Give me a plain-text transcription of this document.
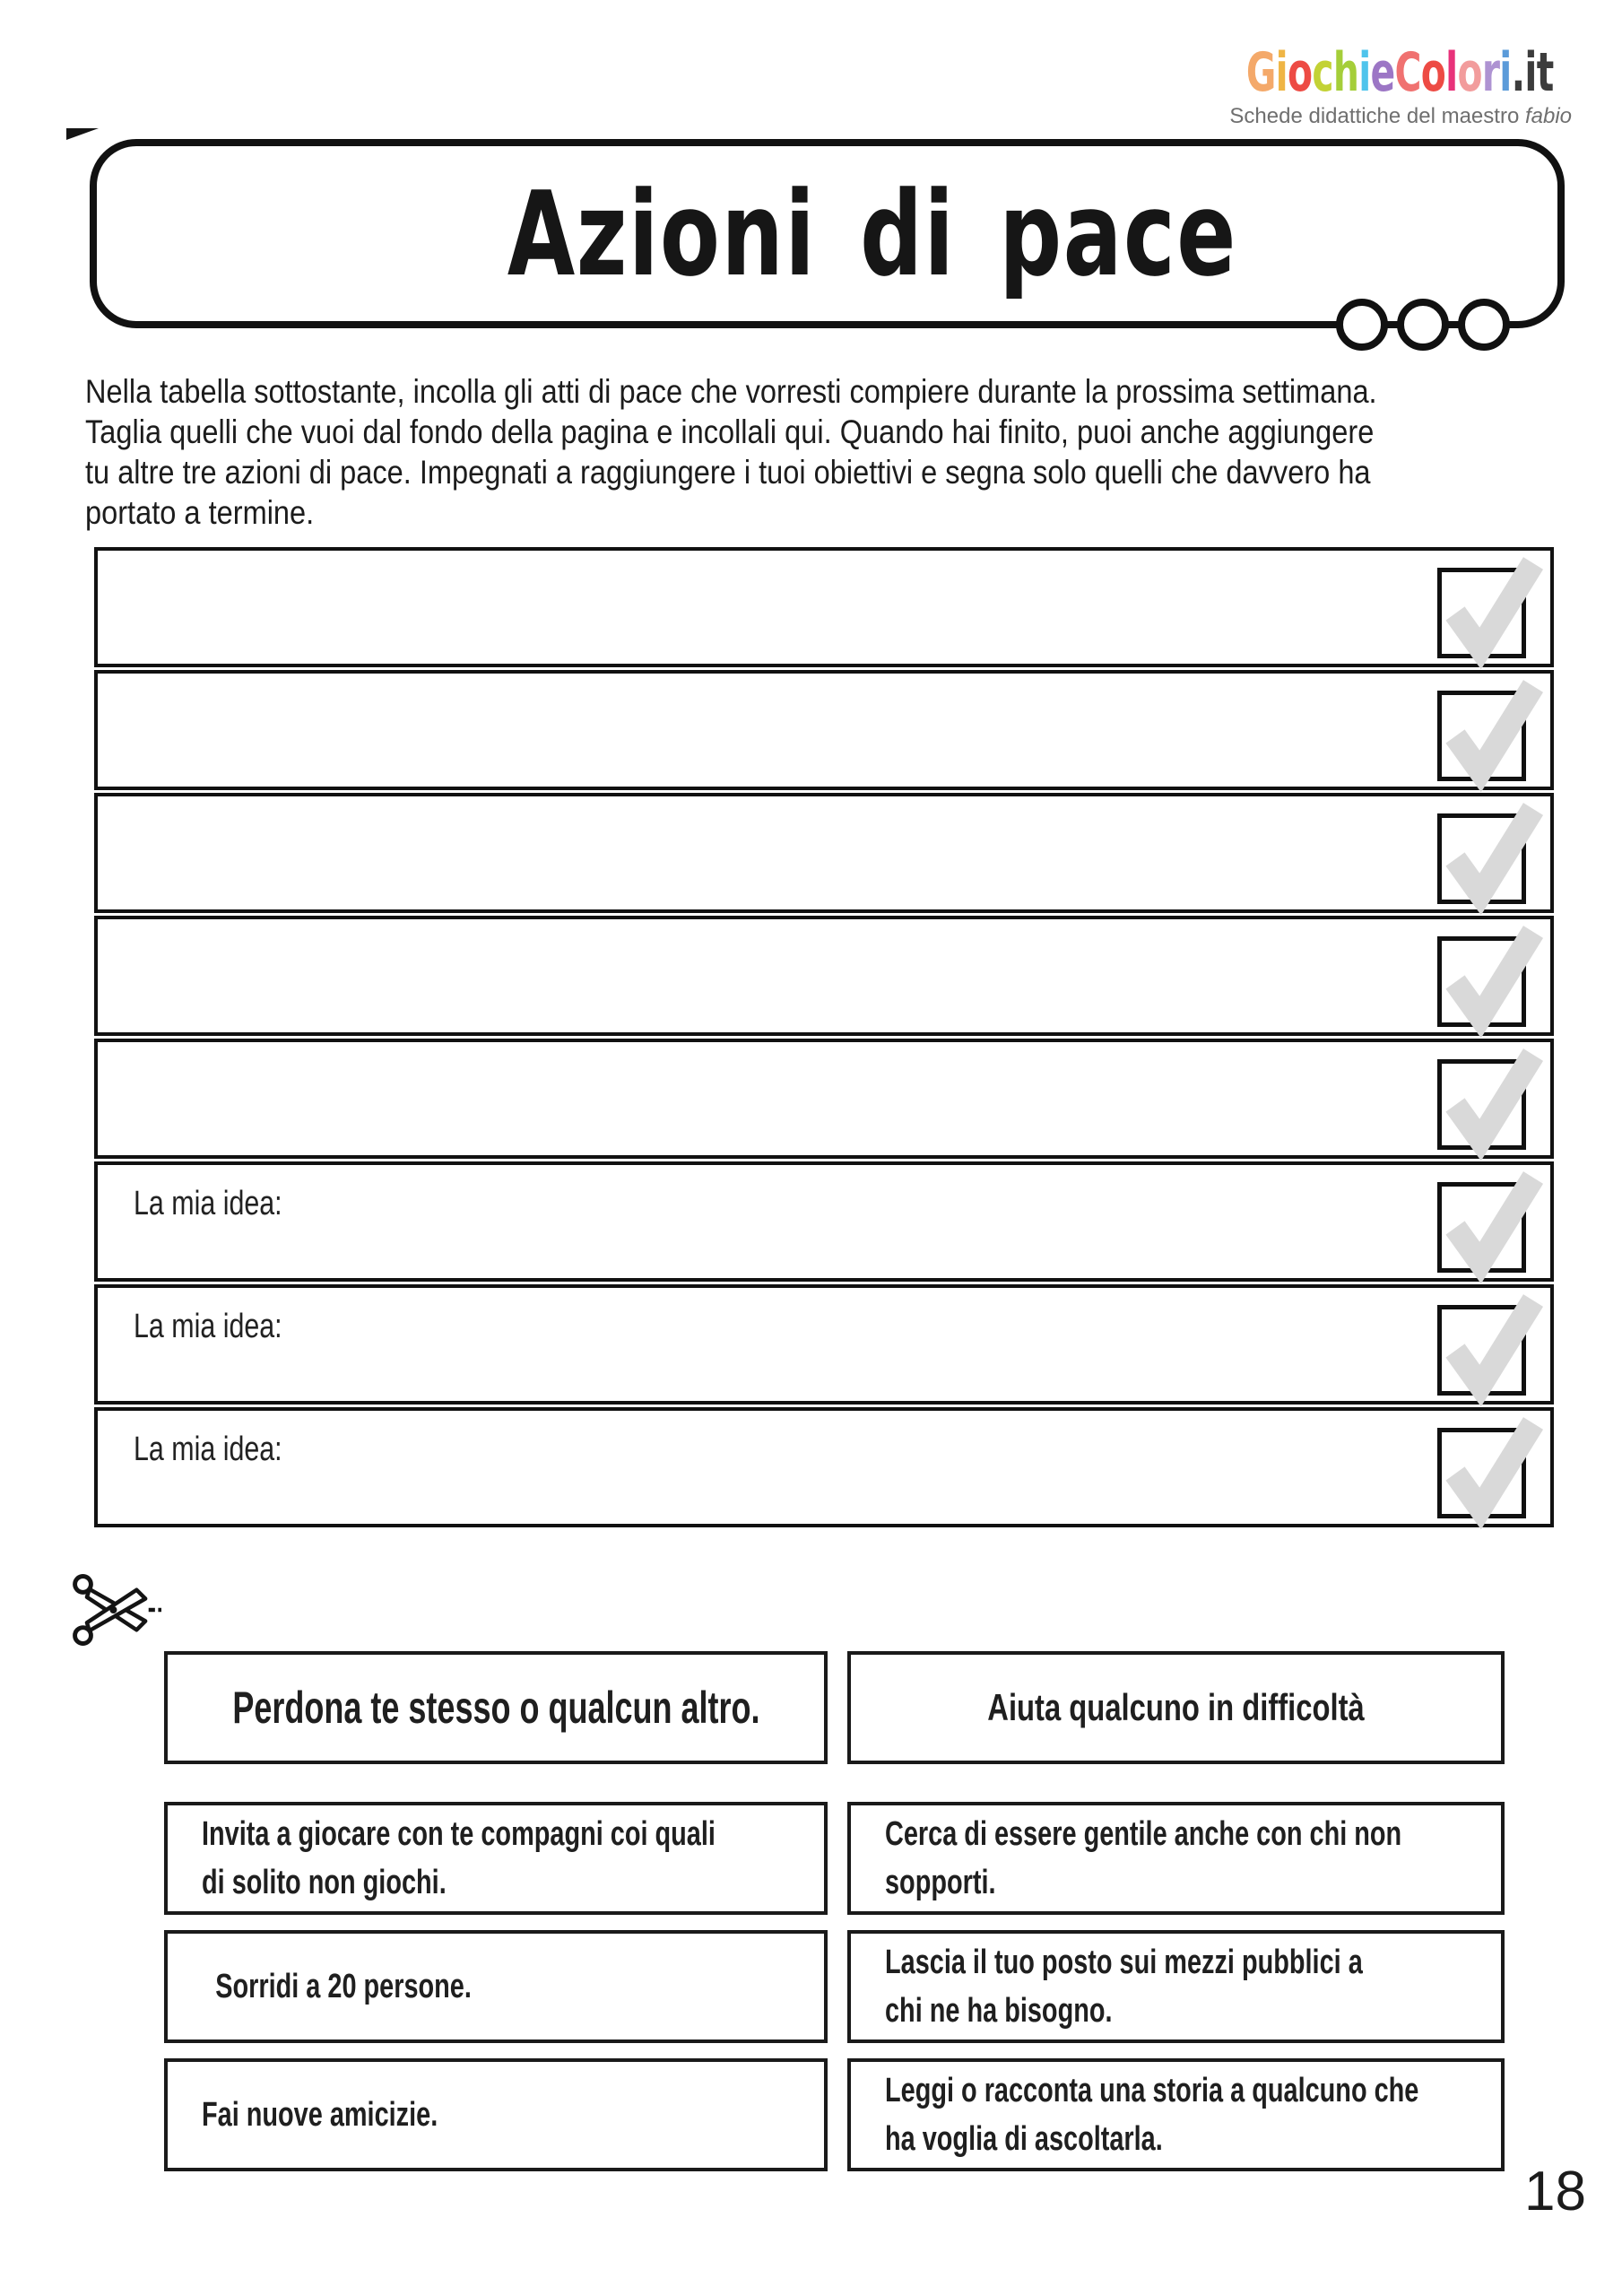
GiochieColori.it
Schede didattiche del maestro fabio
Azioni di pace
Nella tabella sottostante, incolla gli atti di pace che vorresti compiere durante la prossima settimana.
Taglia quelli che vuoi dal fondo della pagina e incollali qui. Quando hai finito, puoi anche aggiungere
tu altre tre azioni di pace. Impegnati a raggiungere i tuoi obiettivi e segna solo quelli che davvero ha
portato a termine.
La mia idea:
La mia idea:
La mia idea:
Perdona te stesso o qualcun altro.
Invita a giocare con te compagni coi quali
di solito non giochi.
Sorridi a 20 persone.
Fai nuove amicizie.
Aiuta qualcuno in difficoltà
Cerca di essere gentile anche con chi non
sopporti.
Lascia il tuo posto sui mezzi pubblici a
chi ne ha bisogno.
Leggi o racconta una storia a qualcuno che
ha voglia di ascoltarla.
18
